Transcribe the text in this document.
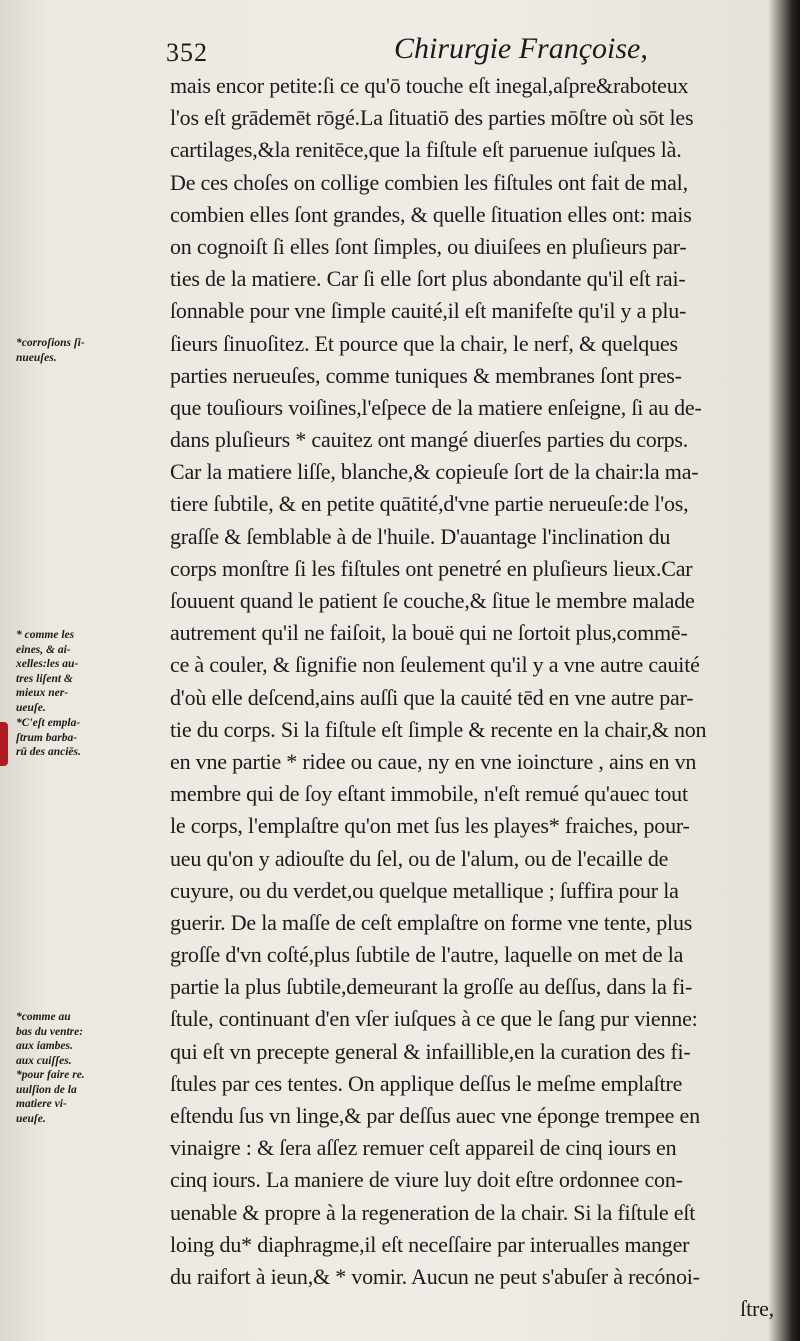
352	Chirurgie Françoise,
*corroſions ſi-
nueuſes.
* comme les
eines, & ai-
xelles:les au-
tres liſent &
mieux ner-
ueuſe.
*C'eſt empla-
ſtrum barba-
rū des anciēs.
*comme au
bas du ventre:
aux iambes.
aux cuiſſes.
*pour faire re.
uulſion de la
matiere vi-
ueuſe.
mais encor petite:ſi ce qu'ō touche eſt inegal,aſpre&raboteux
l'os eſt grādemēt rōgé.La ſituatiō des parties mōſtre où sōt les
cartilages,&la renitēce,que la fiſtule eſt paruenue iuſques là.
De ces choſes on collige combien les fiſtules ont fait de mal,
combien elles ſont grandes, & quelle ſituation elles ont: mais
on cognoiſt ſi elles ſont ſimples, ou diuiſees en pluſieurs par-
ties de la matiere. Car ſi elle ſort plus abondante qu'il eſt rai-
ſonnable pour vne ſimple cauité,il eſt manifeſte qu'il y a plu-
ſieurs ſinuoſitez. Et pource que la chair, le nerf, & quelques
parties nerueuſes, comme tuniques & membranes ſont pres-
que touſiours voiſines,l'eſpece de la matiere enſeigne, ſi au de-
dans pluſieurs * cauitez ont mangé diuerſes parties du corps.
Car la matiere liſſe, blanche,& copieuſe ſort de la chair:la ma-
tiere ſubtile, & en petite quātité,d'vne partie nerueuſe:de l'os,
graſſe & ſemblable à de l'huile. D'auantage l'inclination du
corps monſtre ſi les fiſtules ont penetré en pluſieurs lieux.Car
ſouuent quand le patient ſe couche,& ſitue le membre malade
autrement qu'il ne faiſoit, la bouë qui ne ſortoit plus,commē-
ce à couler, & ſignifie non ſeulement qu'il y a vne autre cauité
d'où elle deſcend,ains auſſi que la cauité tēd en vne autre par-
tie du corps. Si la fiſtule eſt ſimple & recente en la chair,& non
en vne partie * ridee ou caue, ny en vne ioincture , ains en vn
membre qui de ſoy eſtant immobile, n'eſt remué qu'auec tout
le corps, l'emplaſtre qu'on met ſus les playes* fraiches, pour-
ueu qu'on y adiouſte du ſel, ou de l'alum, ou de l'ecaille de
cuyure, ou du verdet,ou quelque metallique ; ſuffira pour la
guerir. De la maſſe de ceſt emplaſtre on forme vne tente, plus
groſſe d'vn coſté,plus ſubtile de l'autre, laquelle on met de la
partie la plus ſubtile,demeurant la groſſe au deſſus, dans la fi-
ſtule, continuant d'en vſer iuſques à ce que le ſang pur vienne:
qui eſt vn precepte general & infaillible,en la curation des fi-
ſtules par ces tentes. On applique deſſus le meſme emplaſtre
eſtendu ſus vn linge,& par deſſus auec vne éponge trempee en
vinaigre : & ſera aſſez remuer ceſt appareil de cinq iours en
cinq iours. La maniere de viure luy doit eſtre ordonnee con-
uenable & propre à la regeneration de la chair. Si la fiſtule eſt
loing du* diaphragme,il eſt neceſſaire par interualles manger
du raifort à ieun,& * vomir. Aucun ne peut s'abuſer à recónoi-
ſtre,
